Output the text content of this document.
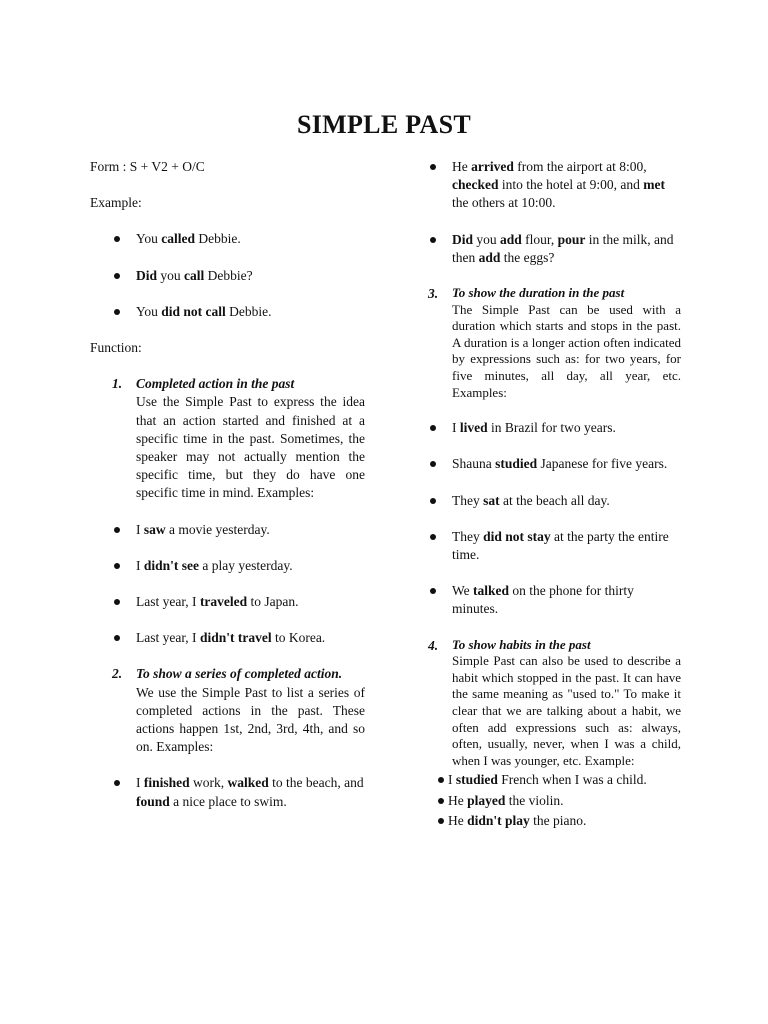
SIMPLE PAST

Form : S + V2 + O/C

Example:

You called Debbie.
Did you call Debbie?
You did not call Debbie.

Function:

1. Completed action in the past
Use the Simple Past to express the idea that an action started and finished at a specific time in the past. Sometimes, the speaker may not actually mention the specific time, but they do have one specific time in mind. Examples:
I saw a movie yesterday.
I didn't see a play yesterday.
Last year, I traveled to Japan.
Last year, I didn't travel to Korea.
2. To show a series of completed action.
We use the Simple Past to list a series of completed actions in the past. These actions happen 1st, 2nd, 3rd, 4th, and so on. Examples:
I finished work, walked to the beach, and found a nice place to swim.
He arrived from the airport at 8:00, checked into the hotel at 9:00, and met the others at 10:00.
Did you add flour, pour in the milk, and then add the eggs?
3. To show the duration in the past
The Simple Past can be used with a duration which starts and stops in the past. A duration is a longer action often indicated by expressions such as: for two years, for five minutes, all day, all year, etc. Examples:
I lived in Brazil for two years.
Shauna studied Japanese for five years.
They sat at the beach all day.
They did not stay at the party the entire time.
We talked on the phone for thirty minutes.
4. To show habits in the past
Simple Past can also be used to describe a habit which stopped in the past. It can have the same meaning as "used to." To make it clear that we are talking about a habit, we often add expressions such as: always, often, usually, never, when I was a child, when I was younger, etc. Example:
I studied French when I was a child.
He played the violin.
He didn't play the piano.
